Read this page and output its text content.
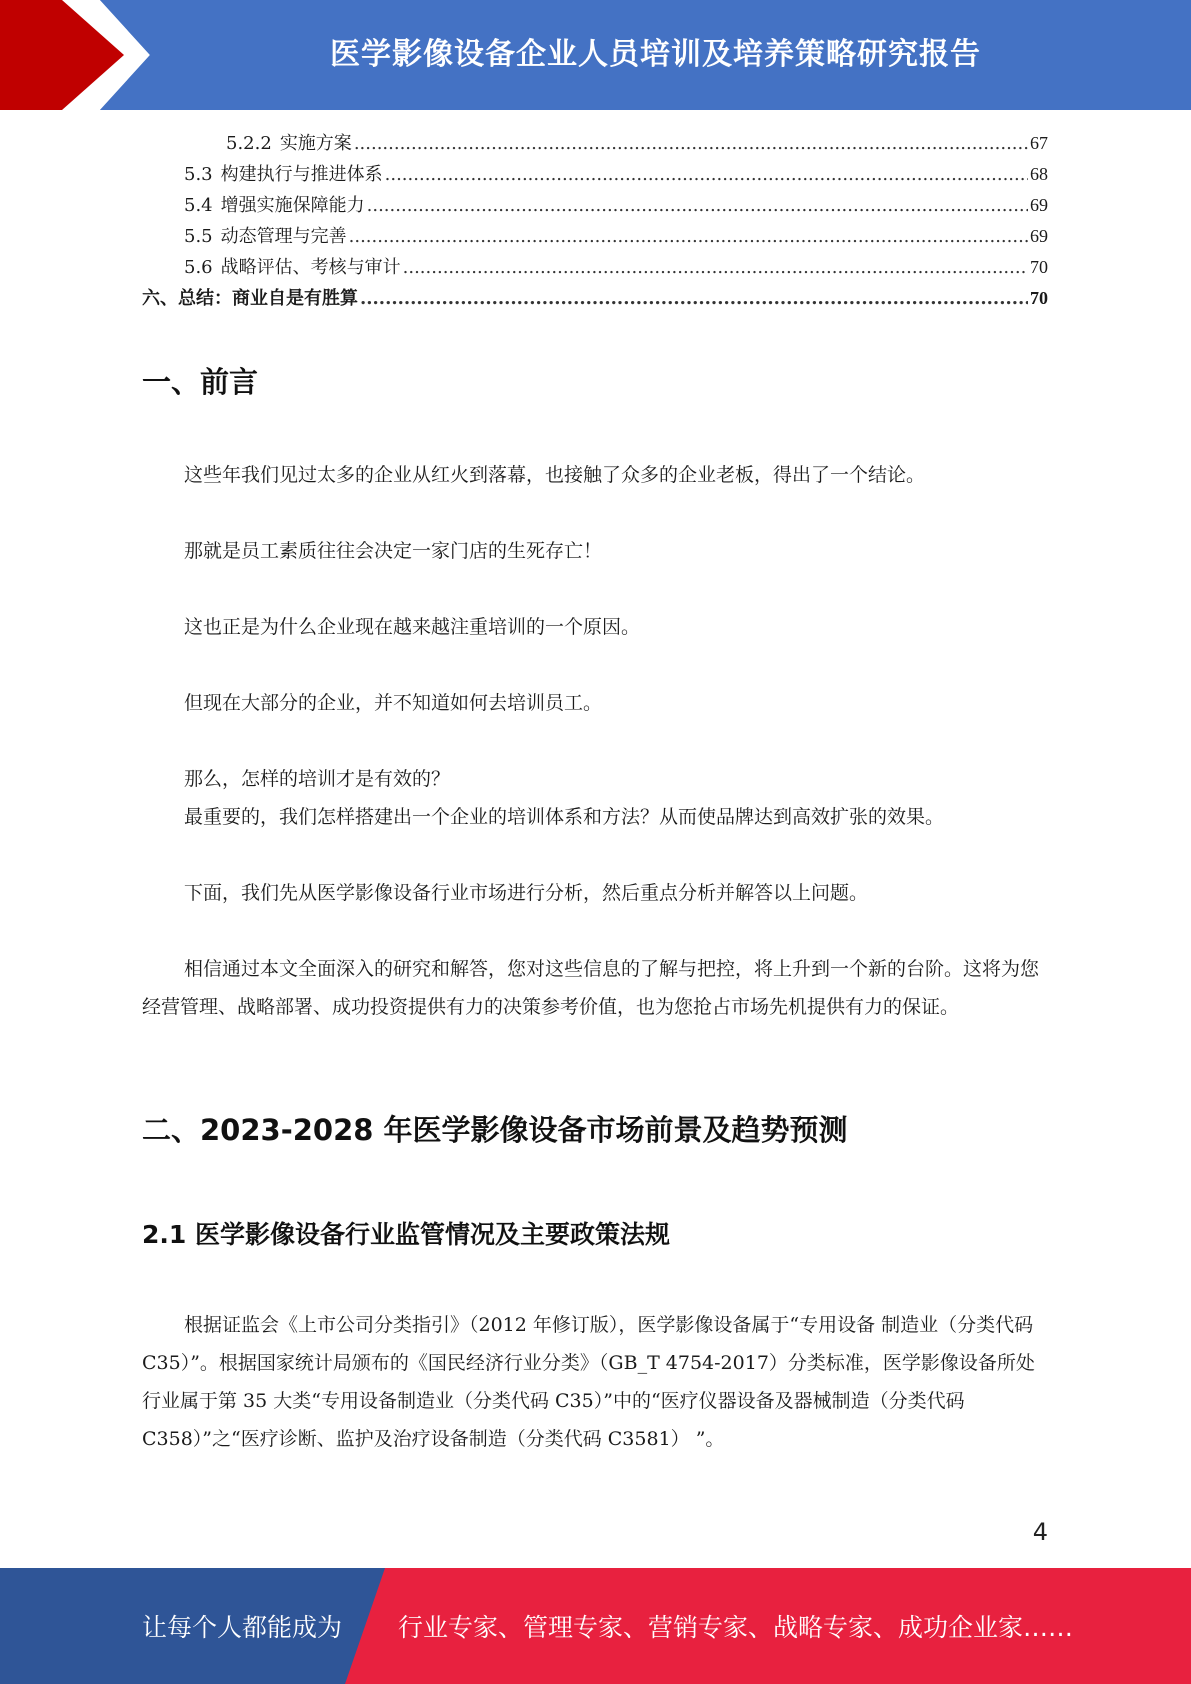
医学影像设备企业人员培训及培养策略研究报告
5.2.2 实施方案 .....	67
5.3 构建执行与推进体系 .....	68
5.4 增强实施保障能力 .....	69
5.5 动态管理与完善 .....	69
5.6 战略评估、考核与审计 .....	70
六、总结：商业自是有胜算 .....	70
一、前言

这些年我们见过太多的企业从红火到落幕，也接触了众多的企业老板，得出了一个结论。

那就是员工素质往往会决定一家门店的生死存亡！

这也正是为什么企业现在越来越注重培训的一个原因。

但现在大部分的企业，并不知道如何去培训员工。

那么，怎样的培训才是有效的？

最重要的，我们怎样搭建出一个企业的培训体系和方法？从而使品牌达到高效扩张的效果。

下面，我们先从医学影像设备行业市场进行分析，然后重点分析并解答以上问题。

相信通过本文全面深入的研究和解答，您对这些信息的了解与把控，将上升到一个新的台阶。这将为您经营管理、战略部署、成功投资提供有力的决策参考价值，也为您抢占市场先机提供有力的保证。

二、2023-2028 年医学影像设备市场前景及趋势预测
2.1 医学影像设备行业监管情况及主要政策法规

根据证监会《上市公司分类指引》（2012 年修订版），医学影像设备属于“专用设备 制造业（分类代码 C35）”。根据国家统计局颁布的《国民经济行业分类》（GB_T 4754-2017）分类标准，医学影像设备所处行业属于第 35 大类“专用设备制造业（分类代码 C35）”中的“医疗仪器设备及器械制造（分类代码 C358）”之“医疗诊断、监护及治疗设备制造（分类代码 C3581） ”。

4
让每个人都能成为 行业专家、管理专家、营销专家、战略专家、成功企业家……
